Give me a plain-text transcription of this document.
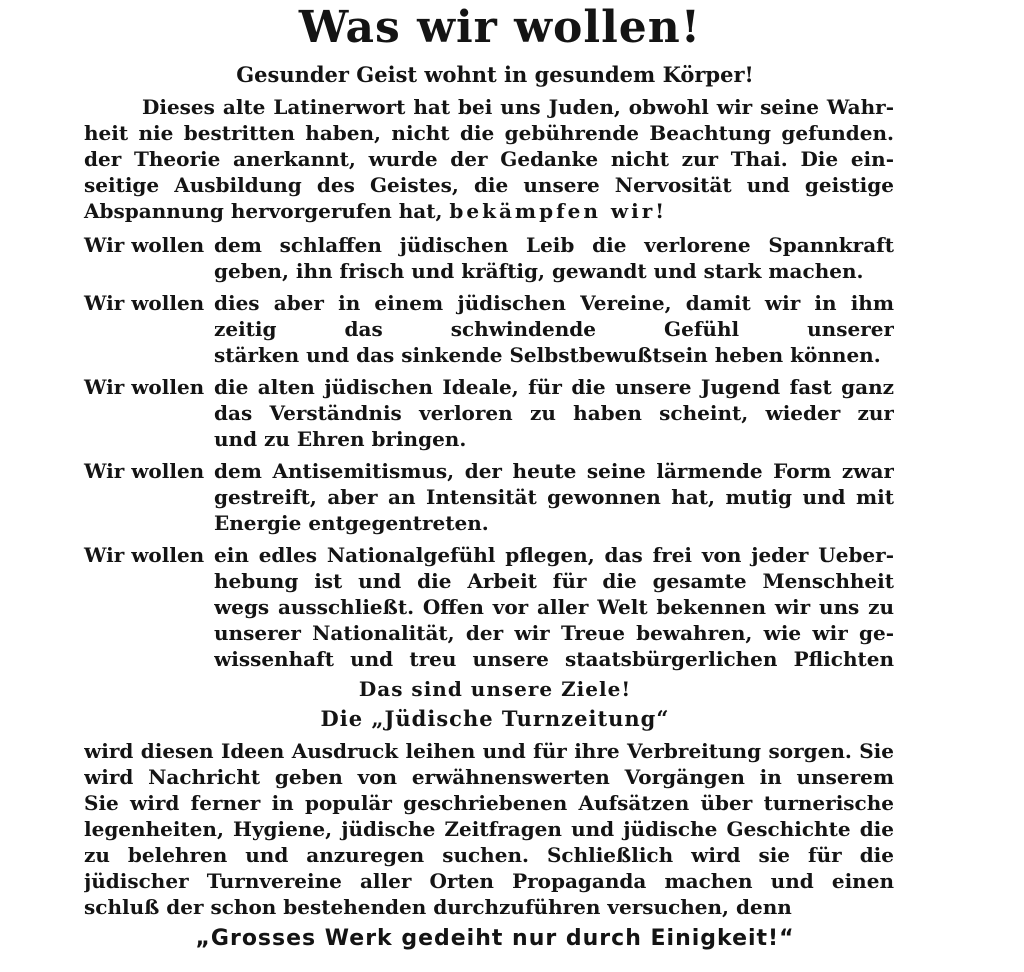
Was wir wollen!
Gesunder Geist wohnt in gesundem Körper!
Dieses alte Latinerwort hat bei uns Juden, obwohl wir seine Wahr-
heit nie bestritten haben, nicht die gebührende Beachtung gefunden.
der Theorie anerkannt, wurde der Gedanke nicht zur Thai. Die ein-
seitige Ausbildung des Geistes, die unsere Nervosität und geistige
Abspannung hervorgerufen hat, bekämpfen wir!
Wir wollen dem schlaffen jüdischen Leib die verlorene Spannkraft
geben, ihn frisch und kräftig, gewandt und stark machen.
Wir wollen dies aber in einem jüdischen Vereine, damit wir in ihm
zeitig das schwindende Gefühl unserer
stärken und das sinkende Selbstbewußtsein heben können.
Wir wollen die alten jüdischen Ideale, für die unsere Jugend fast ganz
das Verständnis verloren zu haben scheint, wieder zur
und zu Ehren bringen.
Wir wollen dem Antisemitismus, der heute seine lärmende Form zwar
gestreift, aber an Intensität gewonnen hat, mutig und mit
Energie entgegentreten.
Wir wollen ein edles Nationalgefühl pflegen, das frei von jeder Ueber-
hebung ist und die Arbeit für die gesamte Menschheit
wegs ausschließt. Offen vor aller Welt bekennen wir uns zu
unserer Nationalität, der wir Treue bewahren, wie wir ge-
wissenhaft und treu unsere staatsbürgerlichen Pflichten
Das sind unsere Ziele!
Die „Jüdische Turnzeitung“
wird diesen Ideen Ausdruck leihen und für ihre Verbreitung sorgen. Sie
wird Nachricht geben von erwähnenswerten Vorgängen in unserem
Sie wird ferner in populär geschriebenen Aufsätzen über turnerische
legenheiten, Hygiene, jüdische Zeitfragen und jüdische Geschichte die
zu belehren und anzuregen suchen. Schließlich wird sie für die
jüdischer Turnvereine aller Orten Propaganda machen und einen
schluß der schon bestehenden durchzuführen versuchen, denn
„Grosses Werk gedeiht nur durch Einigkeit!“
